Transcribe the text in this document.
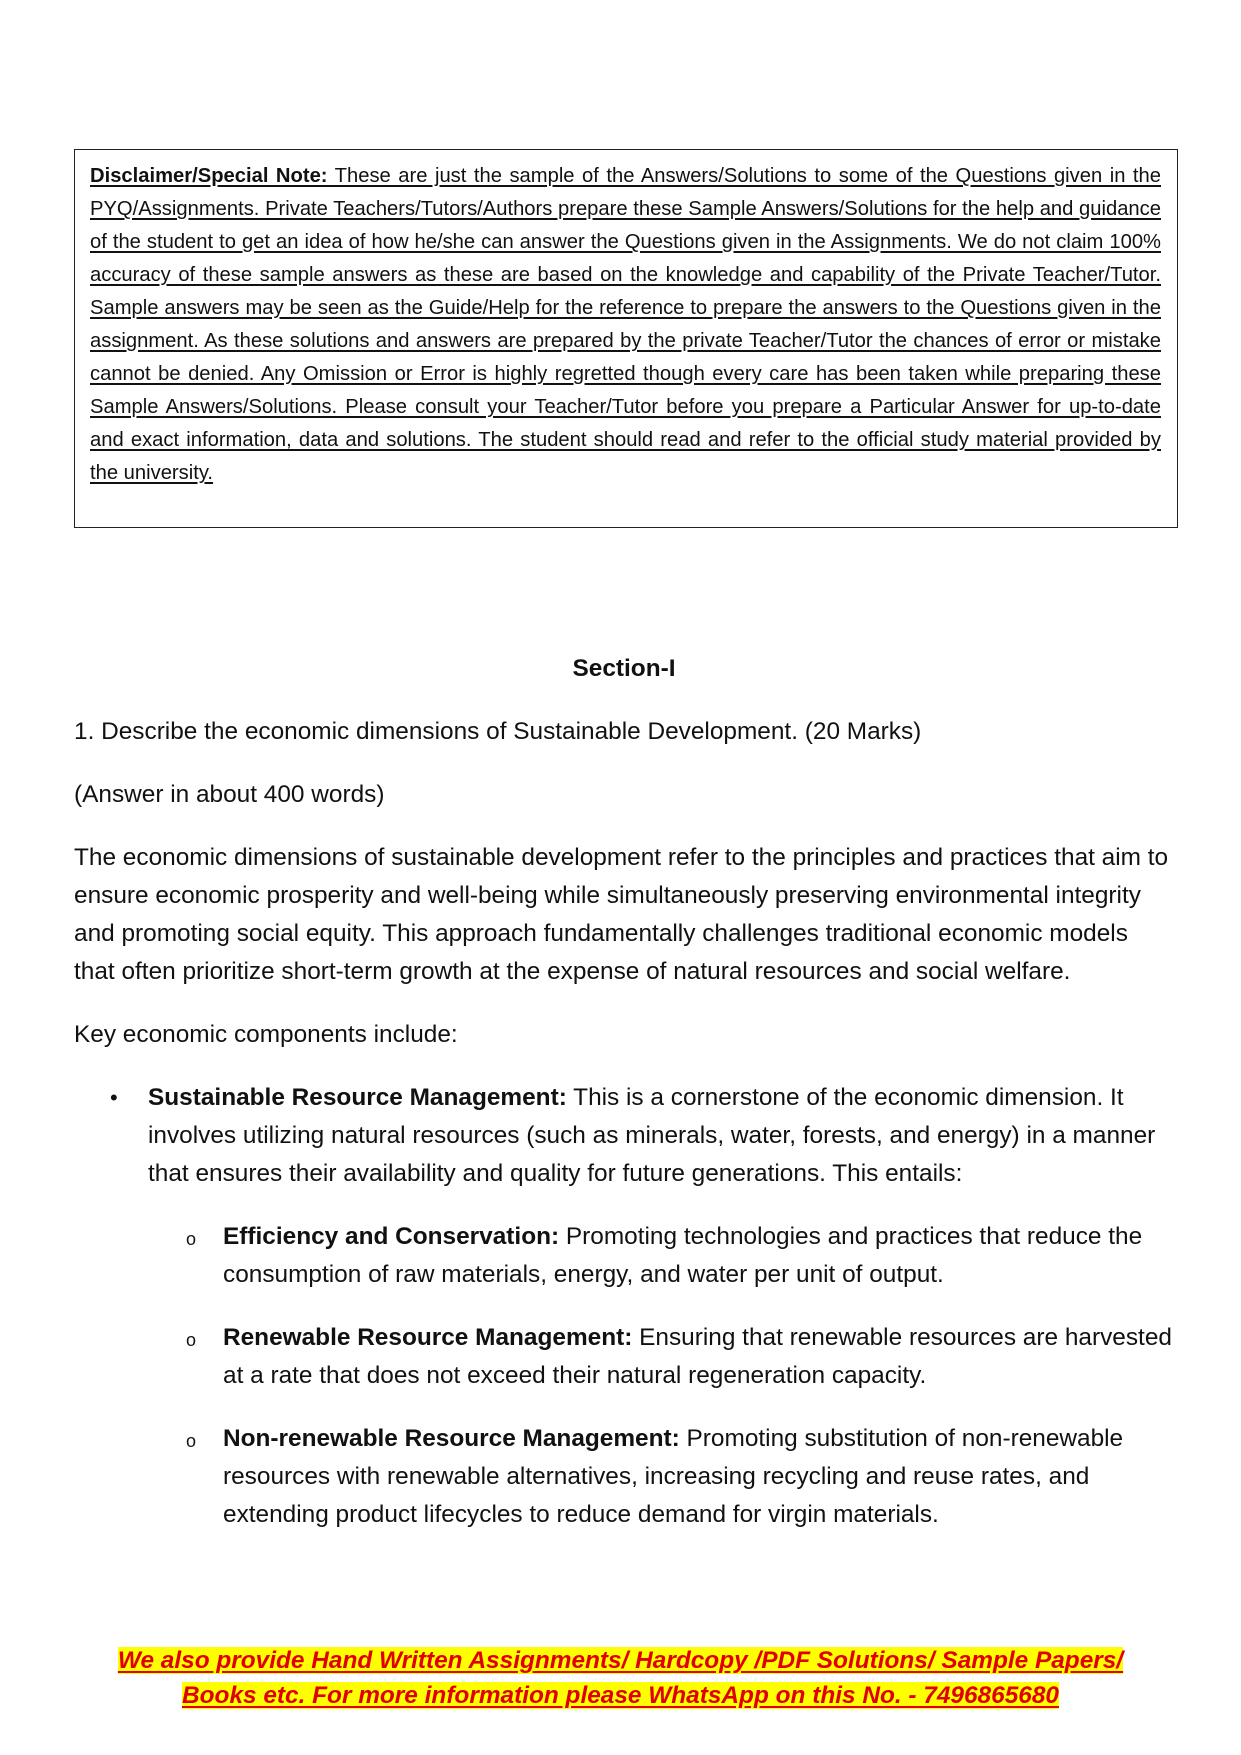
Disclaimer/Special Note: These are just the sample of the Answers/Solutions to some of the Questions given in the PYQ/Assignments. Private Teachers/Tutors/Authors prepare these Sample Answers/Solutions for the help and guidance of the student to get an idea of how he/she can answer the Questions given in the Assignments. We do not claim 100% accuracy of these sample answers as these are based on the knowledge and capability of the Private Teacher/Tutor. Sample answers may be seen as the Guide/Help for the reference to prepare the answers to the Questions given in the assignment. As these solutions and answers are prepared by the private Teacher/Tutor the chances of error or mistake cannot be denied. Any Omission or Error is highly regretted though every care has been taken while preparing these Sample Answers/Solutions. Please consult your Teacher/Tutor before you prepare a Particular Answer for up-to-date and exact information, data and solutions. The student should read and refer to the official study material provided by the university.
Section-I
1. Describe the economic dimensions of Sustainable Development. (20 Marks)
(Answer in about 400 words)
The economic dimensions of sustainable development refer to the principles and practices that aim to ensure economic prosperity and well-being while simultaneously preserving environmental integrity and promoting social equity. This approach fundamentally challenges traditional economic models that often prioritize short-term growth at the expense of natural resources and social welfare.
Key economic components include:
• Sustainable Resource Management: This is a cornerstone of the economic dimension. It involves utilizing natural resources (such as minerals, water, forests, and energy) in a manner that ensures their availability and quality for future generations. This entails:
o Efficiency and Conservation: Promoting technologies and practices that reduce the consumption of raw materials, energy, and water per unit of output.
o Renewable Resource Management: Ensuring that renewable resources are harvested at a rate that does not exceed their natural regeneration capacity.
o Non-renewable Resource Management: Promoting substitution of non-renewable resources with renewable alternatives, increasing recycling and reuse rates, and extending product lifecycles to reduce demand for virgin materials.
We also provide Hand Written Assignments/ Hardcopy /PDF Solutions/ Sample Papers/
Books etc. For more information please WhatsApp on this No. - 7496865680
